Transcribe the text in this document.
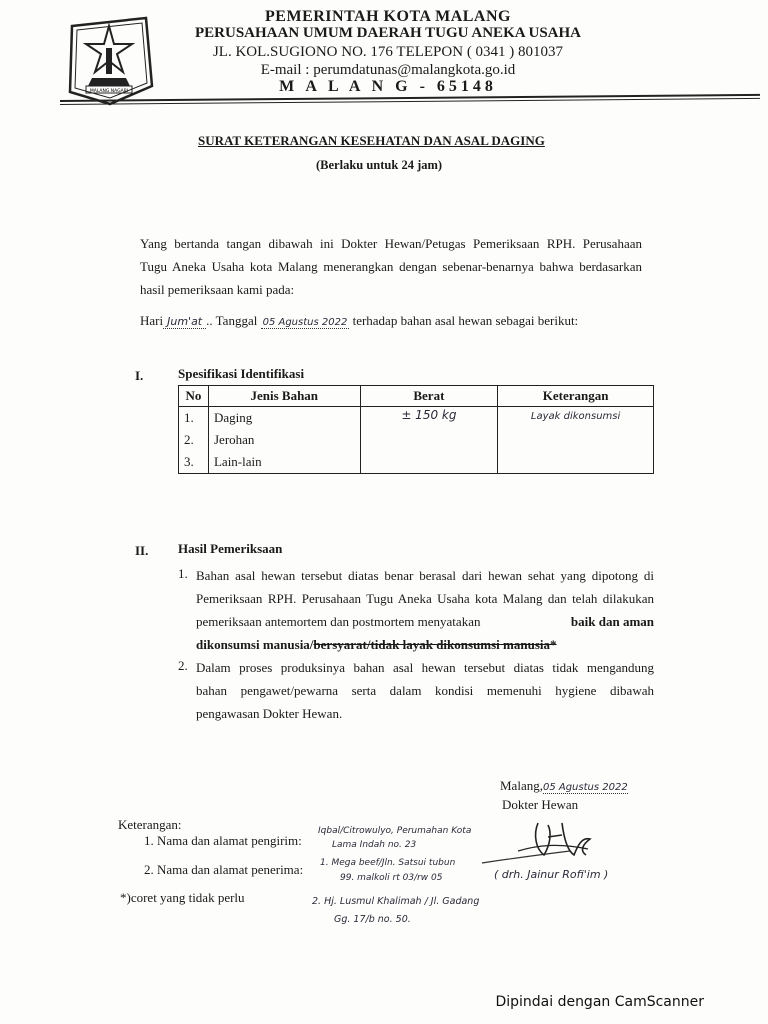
MALANG NAGARI
PEMERINTAH KOTA MALANG
PERUSAHAAN UMUM DAERAH TUGU ANEKA USAHA
JL. KOL.SUGIONO NO. 176 TELEPON ( 0341 ) 801037
E-mail : perumdatunas@malangkota.go.id
M A L A N G - 65148
SURAT KETERANGAN KESEHATAN DAN ASAL DAGING
(Berlaku untuk 24 jam)
Yang bertanda tangan dibawah ini Dokter Hewan/Petugas Pemeriksaan RPH. Perusahaan
Tugu Aneka Usaha kota Malang menerangkan dengan sebenar-benarnya bahwa berdasarkan
hasil pemeriksaan kami pada:
Hari Jum'at .. Tanggal 05 Agustus 2022 terhadap bahan asal hewan sebagai berikut:
I.	Spesifikasi Identifikasi
No	Jenis Bahan	Berat	Keterangan
1.	Daging	± 150 kg	Layak dikonsumsi
2.	Jerohan		
3.	Lain-lain		
II. Hasil Pemeriksaan
1. Bahan asal hewan tersebut diatas benar berasal dari hewan sehat yang dipotong di
Pemeriksaan RPH. Perusahaan Tugu Aneka Usaha kota Malang dan telah dilakukan
pemeriksaan antemortem dan postmortem menyatakan	baik dan aman
dikonsumsi manusia/bersyarat/tidak layak dikonsumsi manusia*
2. Dalam proses produksinya bahan asal hewan tersebut diatas tidak mengandung
bahan pengawet/pewarna serta dalam kondisi memenuhi hygiene dibawah
pengawasan Dokter Hewan.
Malang,05 Agustus 2022
Dokter Hewan
( drh. Jainur Rofi'im )
Keterangan:
1. Nama dan alamat pengirim:
Iqbal/Citrowulyo, Perumahan Kota
Lama Indah no. 23
2. Nama dan alamat penerima: 1. Mega beef/Jln. Satsui tubun
99. malkoli rt 03/rw 05
2. Hj. Lusmul Khalimah / Jl. Gadang
Gg. 17/b no. 50.
*)coret yang tidak perlu
Dipindai dengan CamScanner
